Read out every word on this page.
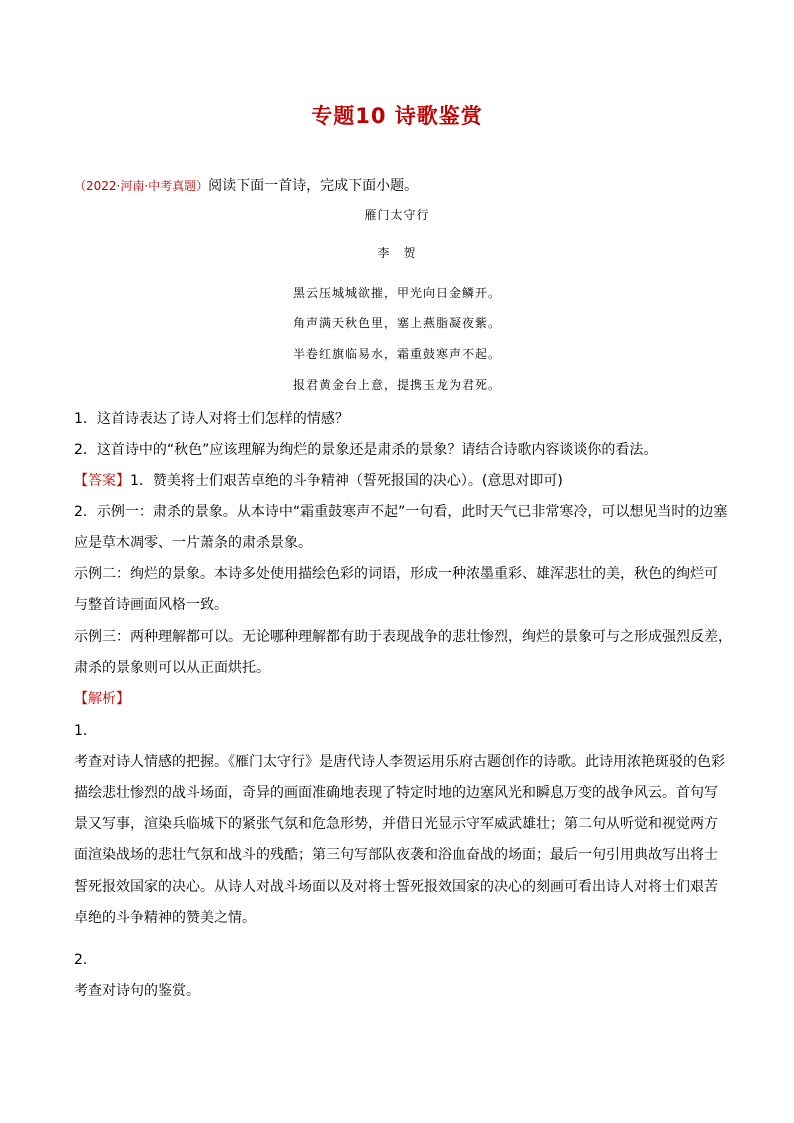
专题10 诗歌鉴赏
（2022·河南·中考真题）阅读下面一首诗，完成下面小题。
雁门太守行
李　贺
黑云压城城欲摧，甲光向日金鳞开。
角声满天秋色里，塞上燕脂凝夜紫。
半卷红旗临易水，霜重鼓寒声不起。
报君黄金台上意，提携玉龙为君死。
1．这首诗表达了诗人对将士们怎样的情感？
2．这首诗中的“秋色”应该理解为绚烂的景象还是肃杀的景象？请结合诗歌内容谈谈你的看法。
【答案】1．赞美将士们艰苦卓绝的斗争精神（誓死报国的决心）。(意思对即可)
2．示例一：肃杀的景象。从本诗中“霜重鼓寒声不起”一句看，此时天气已非常寒冷，可以想见当时的边塞
应是草木凋零、一片萧条的肃杀景象。
示例二：绚烂的景象。本诗多处使用描绘色彩的词语，形成一种浓墨重彩、雄浑悲壮的美，秋色的绚烂可
与整首诗画面风格一致。
示例三：两种理解都可以。无论哪种理解都有助于表现战争的悲壮惨烈，绚烂的景象可与之形成强烈反差，
肃杀的景象则可以从正面烘托。
【解析】
1．
考查对诗人情感的把握。《雁门太守行》是唐代诗人李贺运用乐府古题创作的诗歌。此诗用浓艳斑驳的色彩
描绘悲壮惨烈的战斗场面，奇异的画面准确地表现了特定时地的边塞风光和瞬息万变的战争风云。首句写
景又写事，渲染兵临城下的紧张气氛和危急形势，并借日光显示守军威武雄壮；第二句从听觉和视觉两方
面渲染战场的悲壮气氛和战斗的残酷；第三句写部队夜袭和浴血奋战的场面；最后一句引用典故写出将士
誓死报效国家的决心。从诗人对战斗场面以及对将士誓死报效国家的决心的刻画可看出诗人对将士们艰苦
卓绝的斗争精神的赞美之情。
2．
考查对诗句的鉴赏。
